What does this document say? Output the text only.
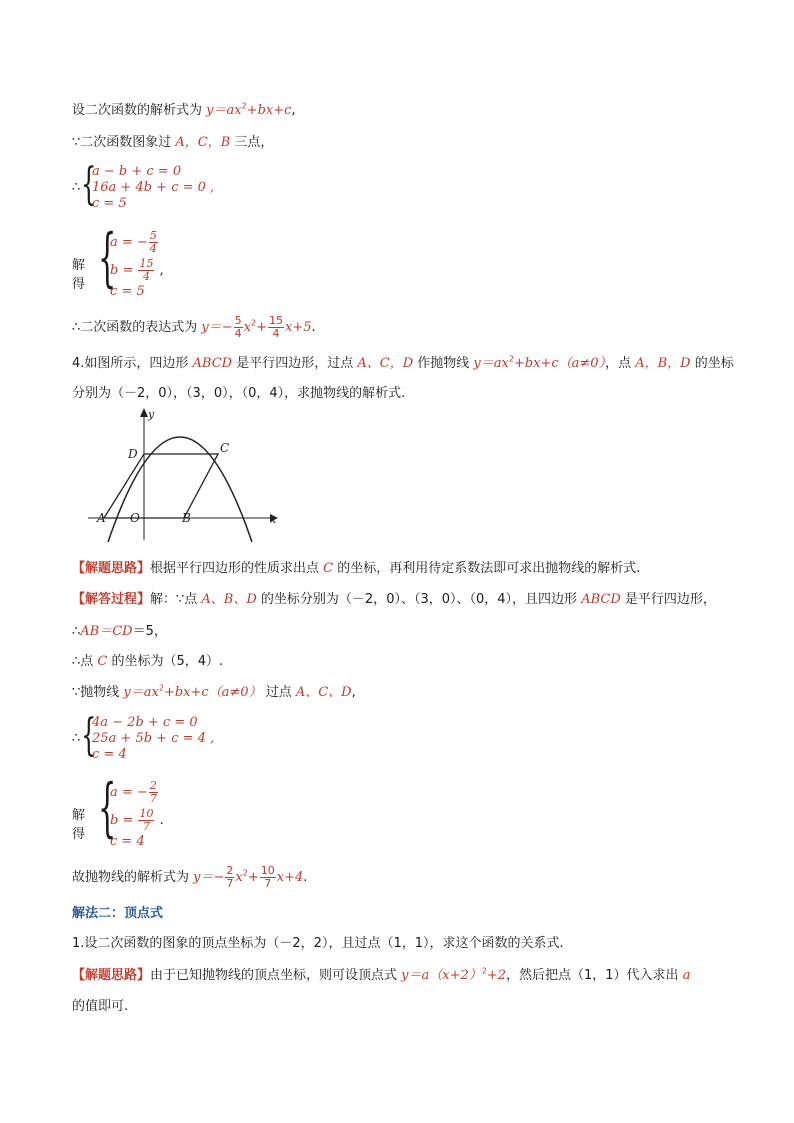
设二次函数的解析式为 $y=ax^2+bx+c$,
∵二次函数图象过 A，C，B 三点，
∴ {
a − b + c = 0
16a + 4b + c = 0 ,
c = 5
解得 {
a = − $\frac{5}{4}$
$b = \frac{15}{4}$ ,
c = 5
∴二次函数的表达式为 $y=- \frac{5}{4} x^2+ \frac{15}{4} x+5$.
4.如图所示，四边形 ABCD 是平行四边形，过点 A、C，D 作抛物线 $y=ax^2+bx+c(a\ne 0)$，点 A，B，D 的坐标
分别为（－2，0），（3，0），（0，4），求抛物线的解析式.
y
x
C
D
A O	B
【解题思路】根据平行四边形的性质求出点 C 的坐标，再利用待定系数法即可求出抛物线的解析式.
【解答过程】解：∵点 A、B、D 的坐标分别为（－2，0）、（3，0）、（0，4），且四边形 ABCD 是平行四边形，
∴AB＝CD＝5，
∴点 C 的坐标为（5，4）.
∵抛物线 $y=ax^2+bx+c(a\ne 0)$ 过点 A、C、D,
∴ {
4a − 2b + c = 0
25a + 5b + c = 4 ,
c = 4
解得 {
a = − $\frac{2}{7}$
$b = \frac{10}{7}$ .
c = 4
故抛物线的解析式为 $y=- \frac{2}{7} x^2+ \frac{10}{7} x+4$.
解法二：顶点式
1.设二次函数的图象的顶点坐标为（－2，2），且过点（1，1），求这个函数的关系式.
【解题思路】由于已知抛物线的顶点坐标，则可设顶点式 $y=a(x+2)^2+2$，然后把点（1，1）代入求出 a
的值即可.
